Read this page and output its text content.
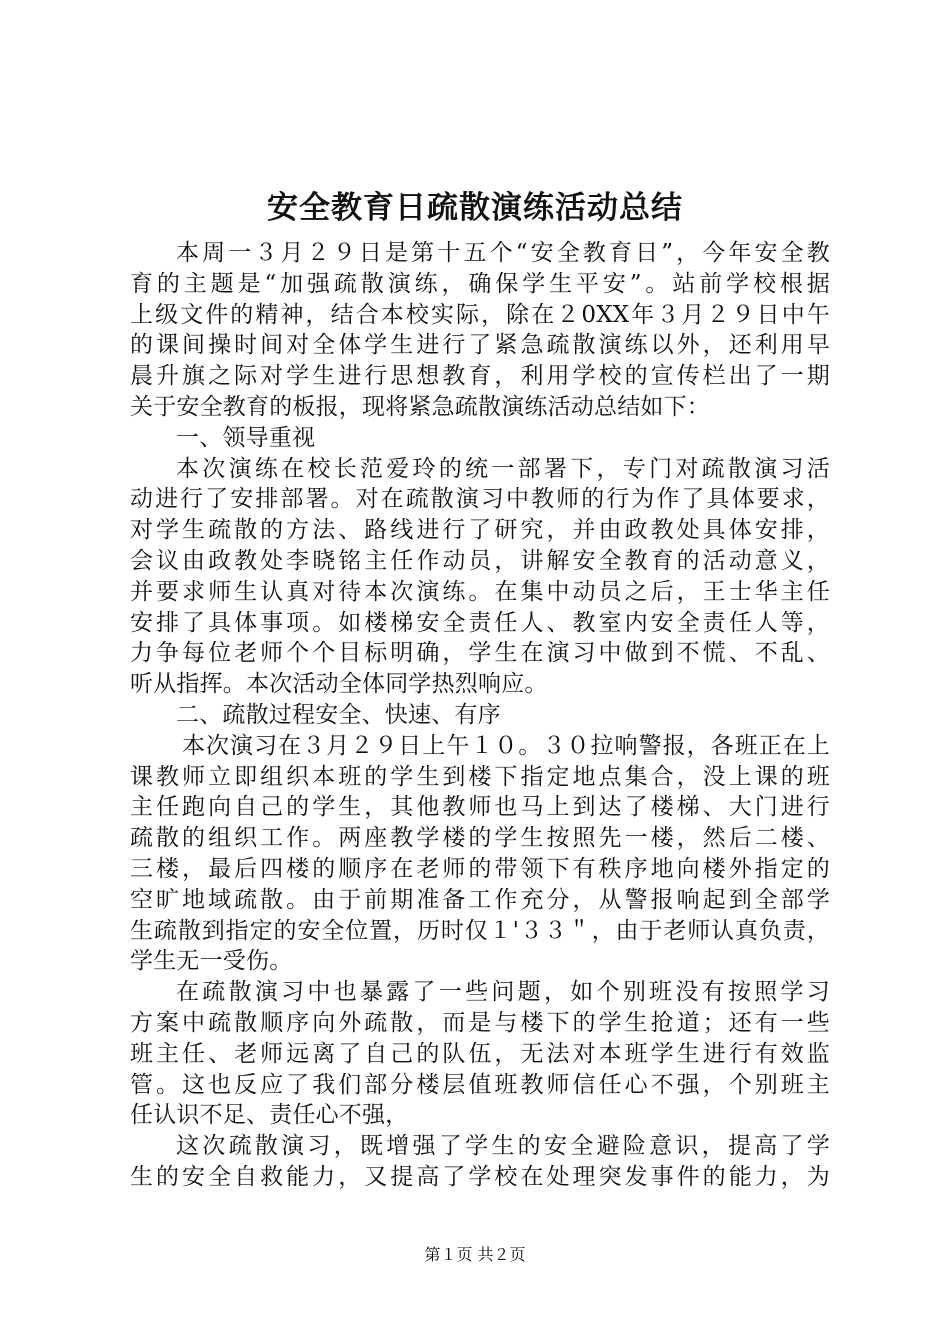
安全教育日疏散演练活动总结
本周一３月２９日是第十五个“安全教育日”，今年安全教
育的主题是“加强疏散演练，确保学生平安”。站前学校根据
上级文件的精神，结合本校实际，除在２0XX年３月２９日中午
的课间操时间对全体学生进行了紧急疏散演练以外，还利用早
晨升旗之际对学生进行思想教育，利用学校的宣传栏出了一期
关于安全教育的板报，现将紧急疏散演练活动总结如下：
一、领导重视
本次演练在校长范爱玲的统一部署下，专门对疏散演习活
动进行了安排部署。对在疏散演习中教师的行为作了具体要求，
对学生疏散的方法、路线进行了研究，并由政教处具体安排，
会议由政教处李晓铭主任作动员，讲解安全教育的活动意义，
并要求师生认真对待本次演练。在集中动员之后，王士华主任
安排了具体事项。如楼梯安全责任人、教室内安全责任人等，
力争每位老师个个目标明确，学生在演习中做到不慌、不乱、
听从指挥。本次活动全体同学热烈响应。
二、疏散过程安全、快速、有序
本次演习在３月２９日上午１０。３０拉响警报，各班正在上
课教师立即组织本班的学生到楼下指定地点集合，没上课的班
主任跑向自己的学生，其他教师也马上到达了楼梯、大门进行
疏散的组织工作。两座教学楼的学生按照先一楼，然后二楼、
三楼，最后四楼的顺序在老师的带领下有秩序地向楼外指定的
空旷地域疏散。由于前期准备工作充分，从警报响起到全部学
生疏散到指定的安全位置，历时仅１'３３＂，由于老师认真负责，
学生无一受伤。
在疏散演习中也暴露了一些问题，如个别班没有按照学习
方案中疏散顺序向外疏散，而是与楼下的学生抢道；还有一些
班主任、老师远离了自己的队伍，无法对本班学生进行有效监
管。这也反应了我们部分楼层值班教师信任心不强，个别班主
任认识不足、责任心不强，
这次疏散演习，既增强了学生的安全避险意识，提高了学
生的安全自救能力，又提高了学校在处理突发事件的能力，为
第１页 共２页
